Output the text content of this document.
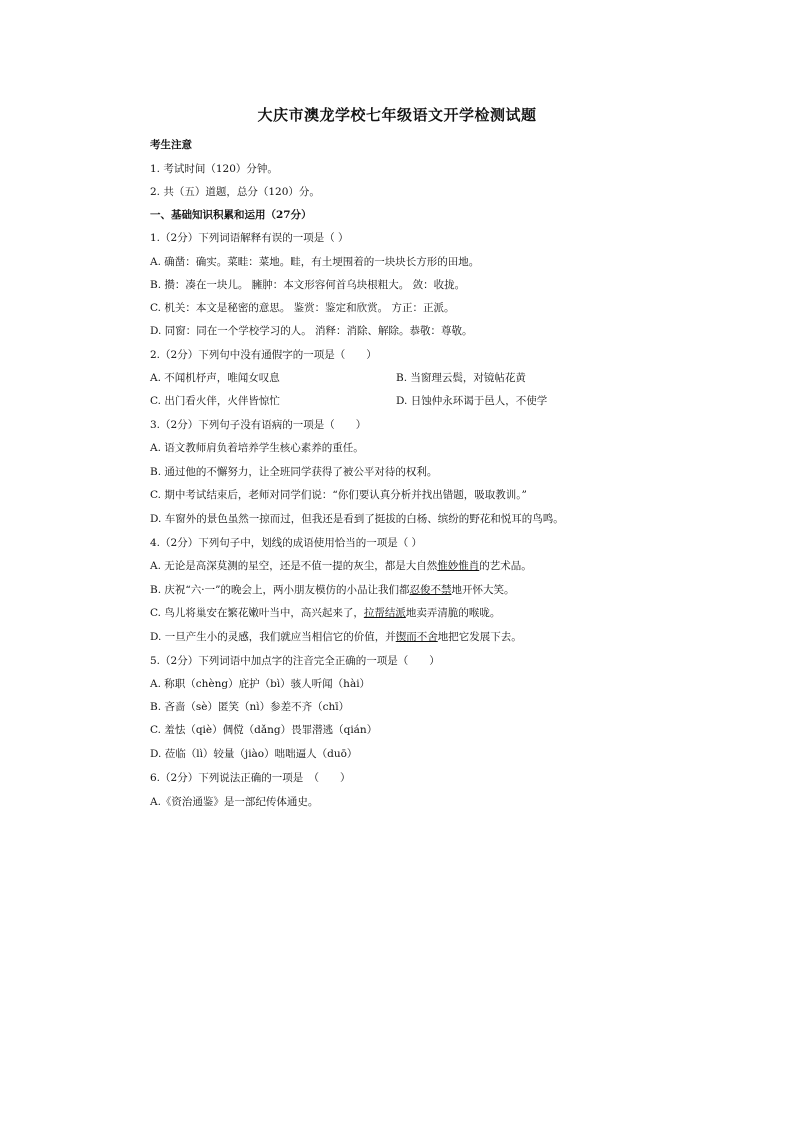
大庆市澳龙学校七年级语文开学检测试题
考生注意
1. 考试时间（120）分钟。
2. 共（五）道题，总分（120）分。
一、基础知识积累和运用（27分）
1.（2分）下列词语解释有误的一项是（ ）
A. 确凿：确实。菜畦：菜地。畦，有土埂围着的一块块长方形的田地。
B. 攒：凑在一块儿。 臃肿：本文形容何首乌块根粗大。 敛：收拢。
C. 机关：本文是秘密的意思。 鉴赏：鉴定和欣赏。 方正：正派。
D. 同窗：同在一个学校学习的人。 消释：消除、解除。恭敬：尊敬。
2.（2分）下列句中没有通假字的一项是（　　）
A. 不闻机杼声，唯闻女叹息	B. 当窗理云鬓，对镜帖花黄
C. 出门看火伴，火伴皆惊忙	D. 日蚀仲永环谒于邑人，不使学
3.（2分）下列句子没有语病的一项是（　　）
A. 语文教师肩负着培养学生核心素养的重任。
B. 通过他的不懈努力，让全班同学获得了被公平对待的权利。
C. 期中考试结束后，老师对同学们说：“你们要认真分析并找出错题，吸取教训。”
D. 车窗外的景色虽然一掠而过，但我还是看到了挺拔的白杨、缤纷的野花和悦耳的鸟鸣。
4.（2分）下列句子中，划线的成语使用恰当的一项是（ ）
A. 无论是高深莫测的星空，还是不值一提的灰尘，都是大自然惟妙惟肖的艺术品。
B. 庆祝“六·一”的晚会上，两小朋友模仿的小品让我们都忍俊不禁地开怀大笑。
C. 鸟儿将巢安在繁花嫩叶当中，高兴起来了，拉帮结派地卖弄清脆的喉咙。
D. 一旦产生小的灵感，我们就应当相信它的价值，并锲而不舍地把它发展下去。
5.（2分）下列词语中加点字的注音完全正确的一项是（　　）
A. 称职（chèng）庇护（bì）骇人听闻（hài）
B. 吝啬（sè）匿笑（nì）参差不齐（chī）
C. 羞怯（qiè）倜傥（dǎng）畏罪潜逃（qián）
D. 莅临（lì）较量（jiào）咄咄逼人（duō）
6.（2分）下列说法正确的一项是　（　　）
A.《资治通鉴》是一部纪传体通史。
